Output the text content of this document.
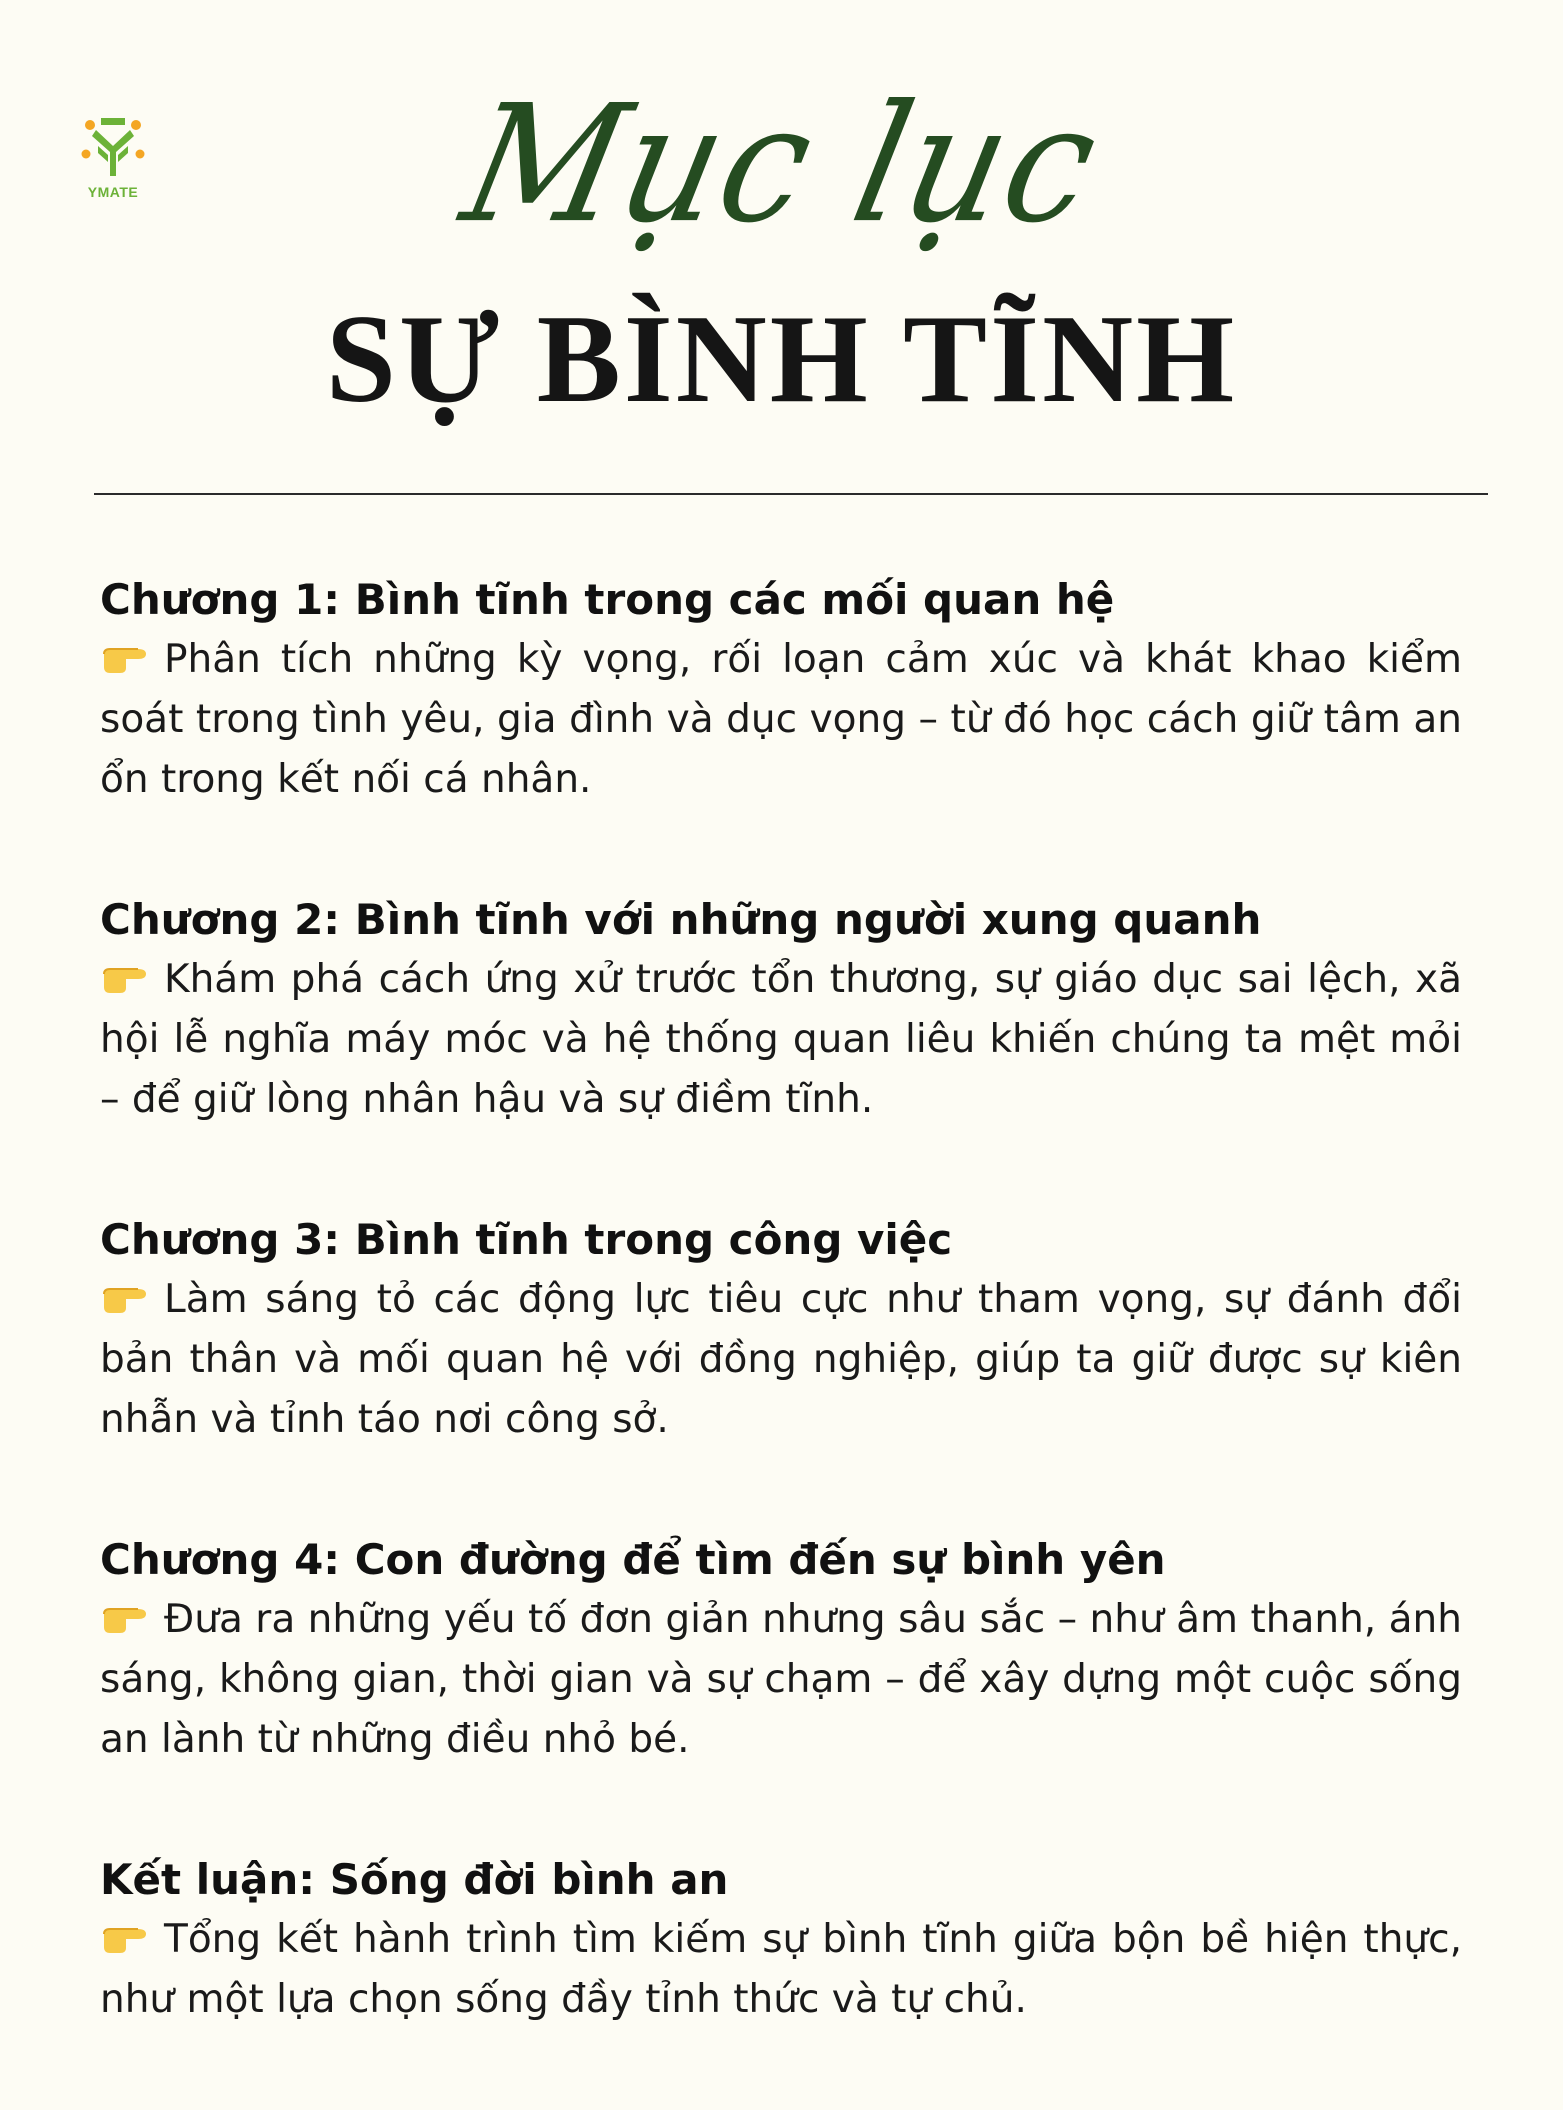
YMATE	Mục lục
SỰ BÌNH TĨNH
Chương 1: Bình tĩnh trong các mối quan hệ
Phân tích những kỳ vọng, rối loạn cảm xúc và khát khao kiểm soát trong tình yêu, gia đình và dục vọng – từ đó học cách giữ tâm an ổn trong kết nối cá nhân.
Chương 2: Bình tĩnh với những người xung quanh
Khám phá cách ứng xử trước tổn thương, sự giáo dục sai lệch, xã hội lễ nghĩa máy móc và hệ thống quan liêu khiến chúng ta mệt mỏi – để giữ lòng nhân hậu và sự điềm tĩnh.
Chương 3: Bình tĩnh trong công việc
Làm sáng tỏ các động lực tiêu cực như tham vọng, sự đánh đổi bản thân và mối quan hệ với đồng nghiệp, giúp ta giữ được sự kiên nhẫn và tỉnh táo nơi công sở.
Chương 4: Con đường để tìm đến sự bình yên
Đưa ra những yếu tố đơn giản nhưng sâu sắc – như âm thanh, ánh sáng, không gian, thời gian và sự chạm – để xây dựng một cuộc sống an lành từ những điều nhỏ bé.
Kết luận: Sống đời bình an
Tổng kết hành trình tìm kiếm sự bình tĩnh giữa bộn bề hiện thực, như một lựa chọn sống đầy tỉnh thức và tự chủ.
